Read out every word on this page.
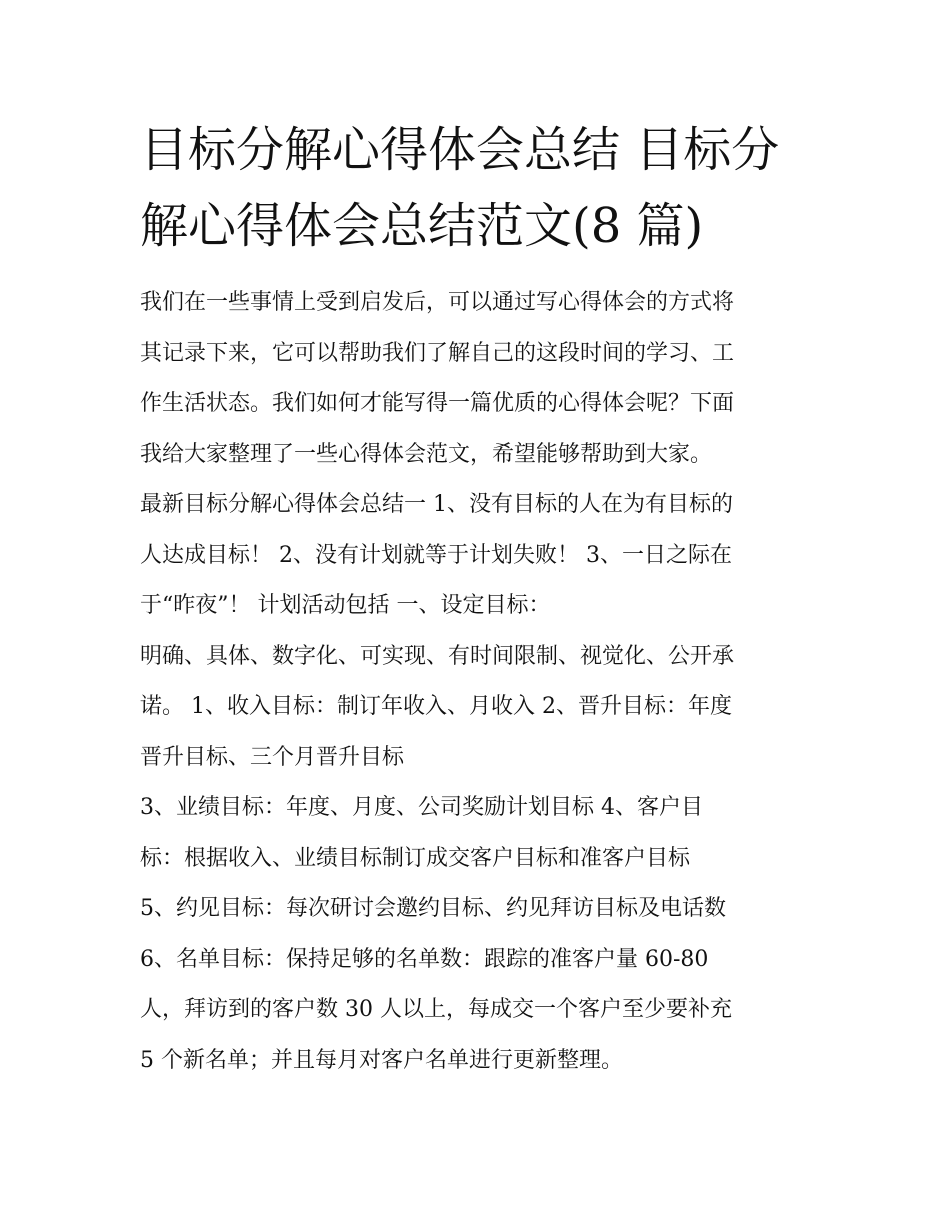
目标分解心得体会总结 目标分
解心得体会总结范文(8 篇)
我们在一些事情上受到启发后，可以通过写心得体会的方式将
其记录下来，它可以帮助我们了解自己的这段时间的学习、工
作生活状态。我们如何才能写得一篇优质的心得体会呢？下面
我给大家整理了一些心得体会范文，希望能够帮助到大家。
最新目标分解心得体会总结一 1、没有目标的人在为有目标的
人达成目标！ 2、没有计划就等于计划失败！ 3、一日之际在
于“昨夜”！ 计划活动包括 一、设定目标：
明确、具体、数字化、可实现、有时间限制、视觉化、公开承
诺。 1、收入目标：制订年收入、月收入 2、晋升目标：年度
晋升目标、三个月晋升目标
3、业绩目标：年度、月度、公司奖励计划目标 4、客户目
标：根据收入、业绩目标制订成交客户目标和准客户目标
5、约见目标：每次研讨会邀约目标、约见拜访目标及电话数
6、名单目标：保持足够的名单数：跟踪的准客户量 60-80
人，拜访到的客户数 30 人以上，每成交一个客户至少要补充
5 个新名单；并且每月对客户名单进行更新整理。
